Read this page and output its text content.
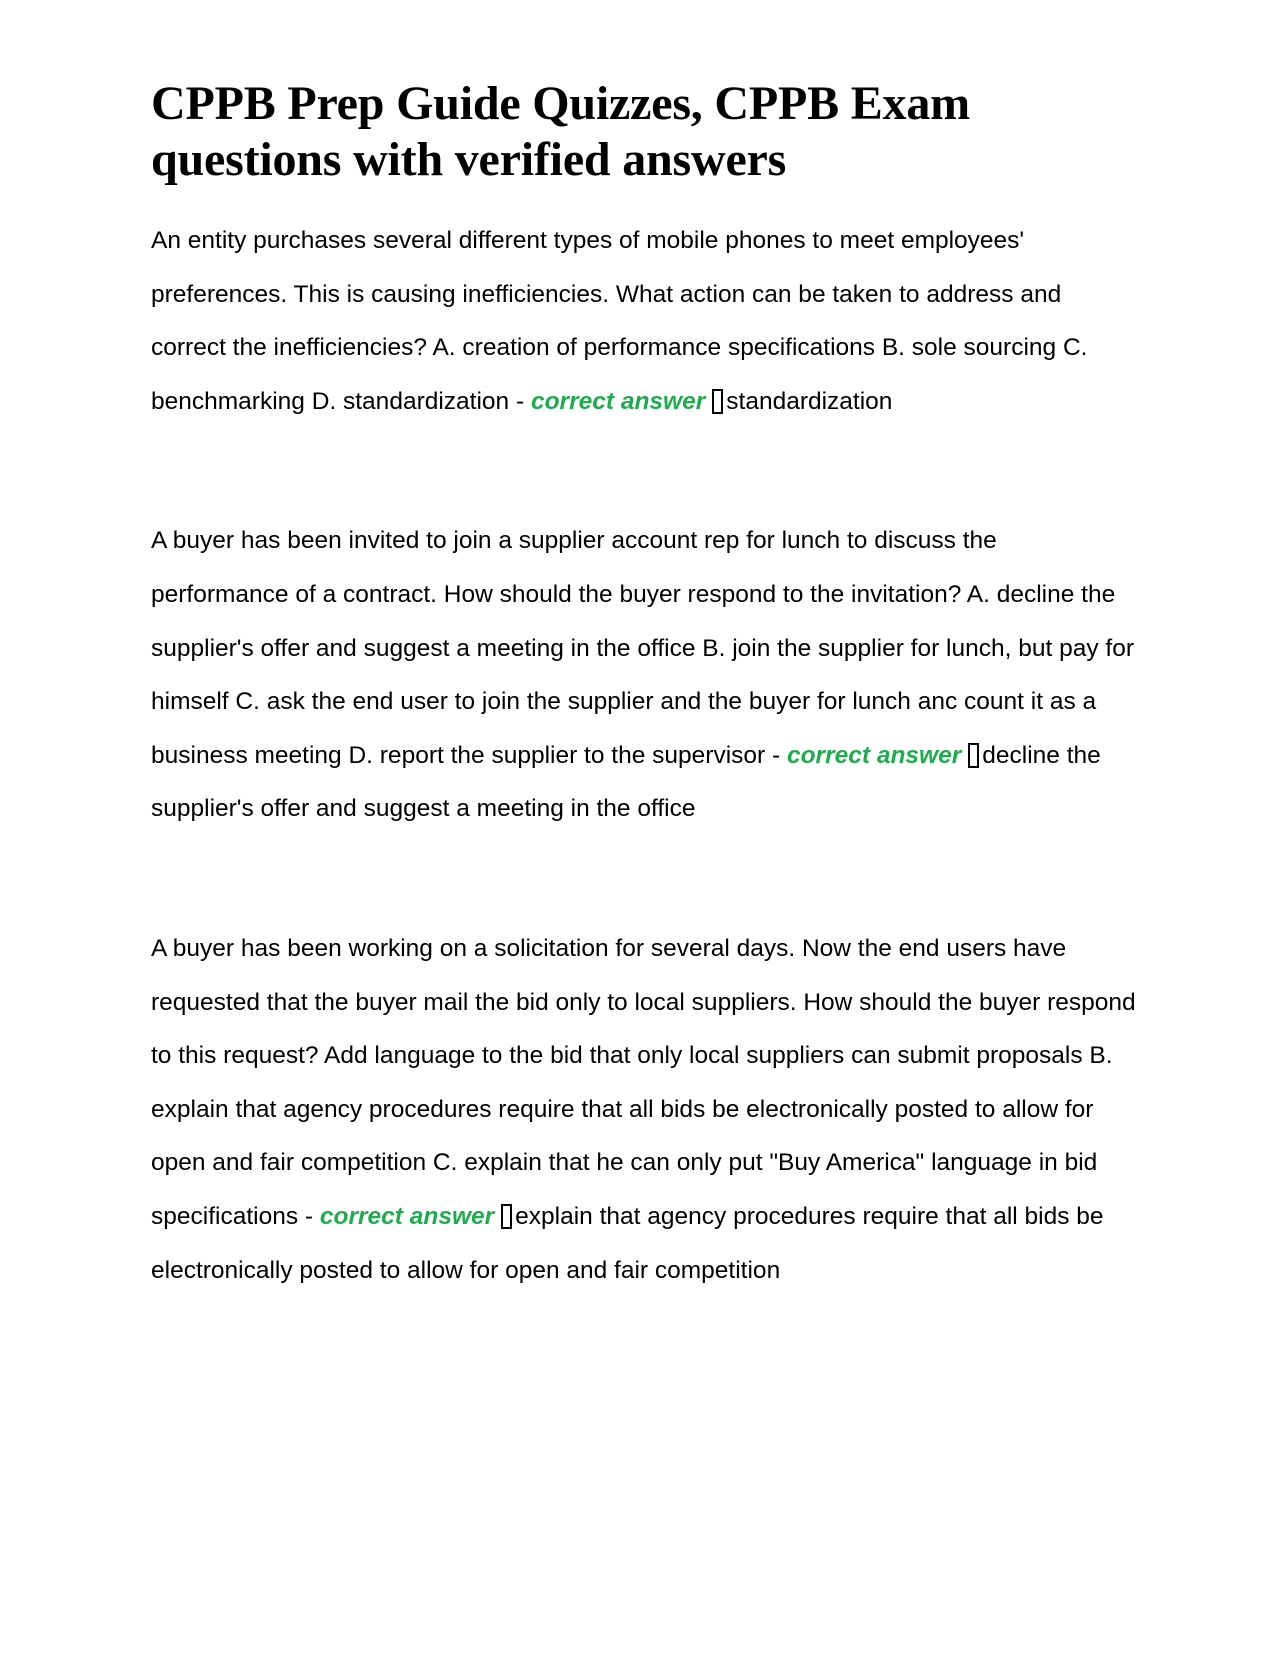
CPPB Prep Guide Quizzes, CPPB Exam questions with verified answers

An entity purchases several different types of mobile phones to meet employees' preferences. This is causing inefficiencies. What action can be taken to address and correct the inefficiencies? A. creation of performance specifications B. sole sourcing C. benchmarking D. standardization - correct answer standardization

A buyer has been invited to join a supplier account rep for lunch to discuss the performance of a contract. How should the buyer respond to the invitation? A. decline the supplier's offer and suggest a meeting in the office B. join the supplier for lunch, but pay for himself C. ask the end user to join the supplier and the buyer for lunch anc count it as a business meeting D. report the supplier to the supervisor - correct answer decline the supplier's offer and suggest a meeting in the office

A buyer has been working on a solicitation for several days. Now the end users have requested that the buyer mail the bid only to local suppliers. How should the buyer respond to this request? Add language to the bid that only local suppliers can submit proposals B. explain that agency procedures require that all bids be electronically posted to allow for open and fair competition C. explain that he can only put "Buy America" language in bid specifications - correct answer explain that agency procedures require that all bids be electronically posted to allow for open and fair competition
